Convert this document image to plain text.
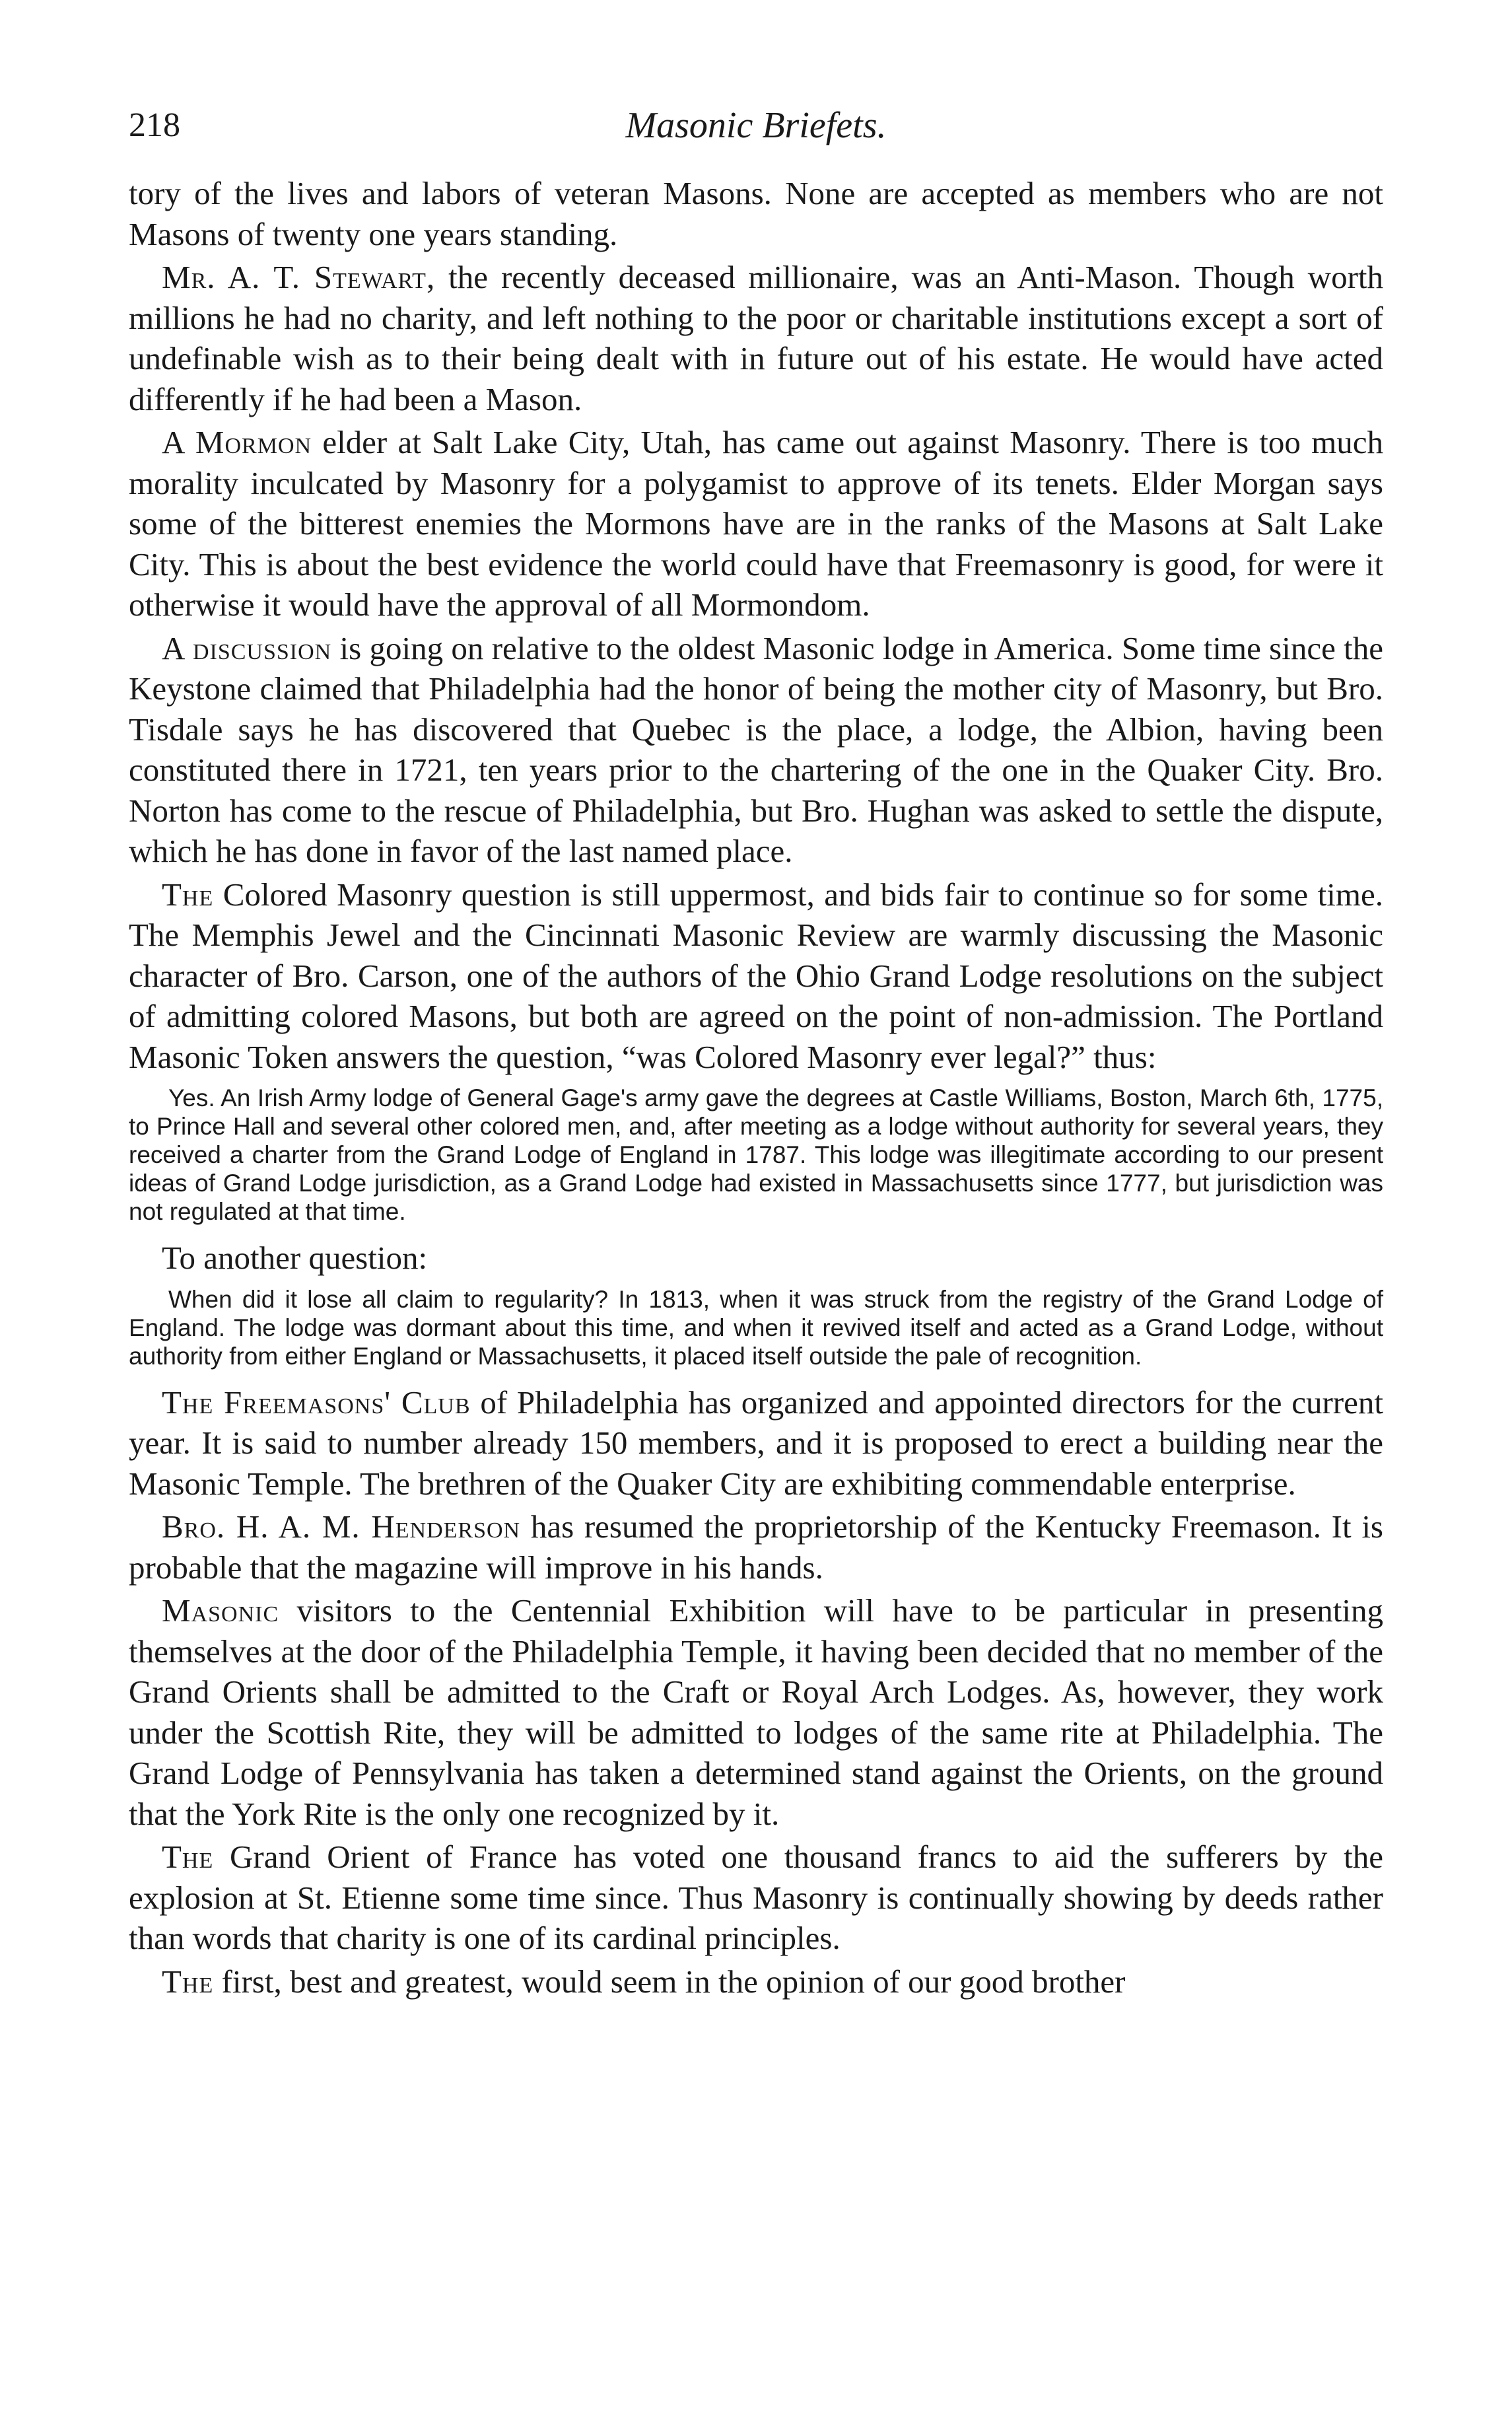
218	Masonic Briefets.

tory of the lives and labors of veteran Masons. None are accepted as members who are not Masons of twenty one years standing.

Mr. A. T. Stewart, the recently deceased millionaire, was an Anti-Mason. Though worth millions he had no charity, and left nothing to the poor or charitable institutions except a sort of undefinable wish as to their being dealt with in future out of his estate. He would have acted differently if he had been a Mason.

A Mormon elder at Salt Lake City, Utah, has came out against Masonry. There is too much morality inculcated by Masonry for a polygamist to approve of its tenets. Elder Morgan says some of the bitterest enemies the Mormons have are in the ranks of the Masons at Salt Lake City. This is about the best evidence the world could have that Freemasonry is good, for were it otherwise it would have the approval of all Mormondom.

A discussion is going on relative to the oldest Masonic lodge in America. Some time since the Keystone claimed that Philadelphia had the honor of being the mother city of Masonry, but Bro. Tisdale says he has discovered that Quebec is the place, a lodge, the Albion, having been constituted there in 1721, ten years prior to the chartering of the one in the Quaker City. Bro. Norton has come to the rescue of Philadelphia, but Bro. Hughan was asked to settle the dispute, which he has done in favor of the last named place.

The Colored Masonry question is still uppermost, and bids fair to continue so for some time. The Memphis Jewel and the Cincinnati Masonic Review are warmly discussing the Masonic character of Bro. Carson, one of the authors of the Ohio Grand Lodge resolutions on the subject of admitting colored Masons, but both are agreed on the point of non-admission. The Portland Masonic Token answers the question, “was Colored Masonry ever legal?” thus:

Yes. An Irish Army lodge of General Gage's army gave the degrees at Castle Williams, Boston, March 6th, 1775, to Prince Hall and several other colored men, and, after meeting as a lodge without authority for several years, they received a charter from the Grand Lodge of England in 1787. This lodge was illegitimate according to our present ideas of Grand Lodge jurisdiction, as a Grand Lodge had existed in Massachusetts since 1777, but jurisdiction was not regulated at that time.

To another question:

When did it lose all claim to regularity? In 1813, when it was struck from the registry of the Grand Lodge of England. The lodge was dormant about this time, and when it revived itself and acted as a Grand Lodge, without authority from either England or Massachusetts, it placed itself outside the pale of recognition.

The Freemasons' Club of Philadelphia has organized and appointed directors for the current year. It is said to number already 150 members, and it is proposed to erect a building near the Masonic Temple. The brethren of the Quaker City are exhibiting commendable enterprise.

Bro. H. A. M. Henderson has resumed the proprietorship of the Kentucky Freemason. It is probable that the magazine will improve in his hands.

Masonic visitors to the Centennial Exhibition will have to be particular in presenting themselves at the door of the Philadelphia Temple, it having been decided that no member of the Grand Orients shall be admitted to the Craft or Royal Arch Lodges. As, however, they work under the Scottish Rite, they will be admitted to lodges of the same rite at Philadelphia. The Grand Lodge of Pennsylvania has taken a determined stand against the Orients, on the ground that the York Rite is the only one recognized by it.

The Grand Orient of France has voted one thousand francs to aid the sufferers by the explosion at St. Etienne some time since. Thus Masonry is continually showing by deeds rather than words that charity is one of its cardinal principles.

The first, best and greatest, would seem in the opinion of our good brother
